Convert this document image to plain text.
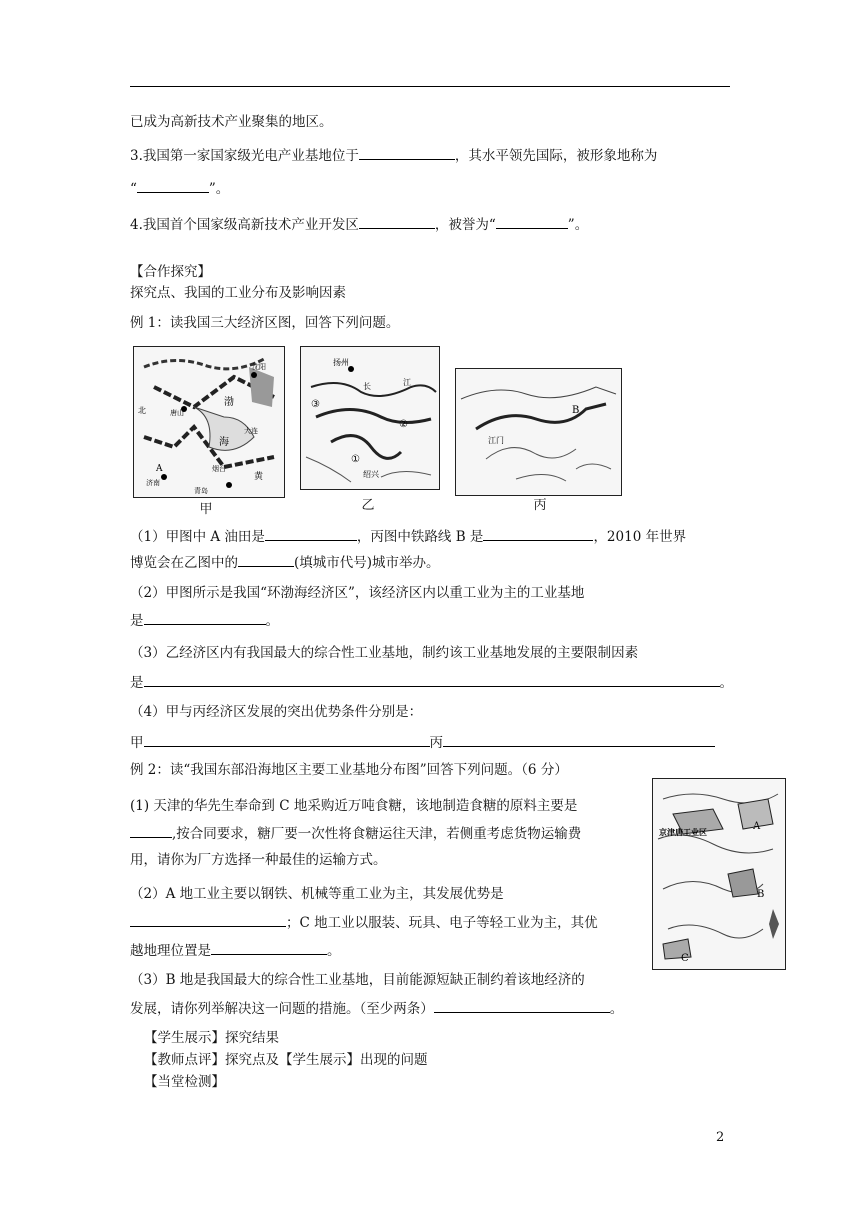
已成为高新技术产业聚集的地区。
3.我国第一家国家级光电产业基地位于	，其水平领先国际，被形象地称为
“	”。
4.我国首个国家级高新技术产业开发区	，被誉为“	”。
【合作探究】
探究点、我国的工业分布及影响因素
例 1：读我国三大经济区图，回答下列问题。
沈阳
唐山
渤
海
大连
烟台
济南
青岛
黄
A
北
甲
扬州
长	江
①
②
③
绍兴
乙
B
江门
丙
（1）甲图中 A 油田是	，丙图中铁路线 B 是	，2010 年世界
博览会在乙图中的	(填城市代号)城市举办。
（2）甲图所示是我国“环渤海经济区”，该经济区内以重工业为主的工业基地
是	。
（3）乙经济区内有我国最大的综合性工业基地，制约该工业基地发展的主要限制因素
是	。
（4）甲与丙经济区发展的突出优势条件分别是：
甲	丙
例 2：读“我国东部沿海地区主要工业基地分布图”回答下列问题。（6 分）
京津唐工业区	A
B
C
(1) 天津的华先生奉命到 C 地采购近万吨食糖，该地制造食糖的原料主要是
,按合同要求，糖厂要一次性将食糖运往天津，若侧重考虑货物运输费
用，请你为厂方选择一种最佳的运输方式。
（2）A 地工业主要以钢铁、机械等重工业为主，其发展优势是
；C 地工业以服装、玩具、电子等轻工业为主，其优
越地理位置是	。
（3）B 地是我国最大的综合性工业基地，目前能源短缺正制约着该地经济的
发展，请你列举解决这一问题的措施。（至少两条）	。
【学生展示】探究结果
【教师点评】探究点及【学生展示】出现的问题
【当堂检测】
2
